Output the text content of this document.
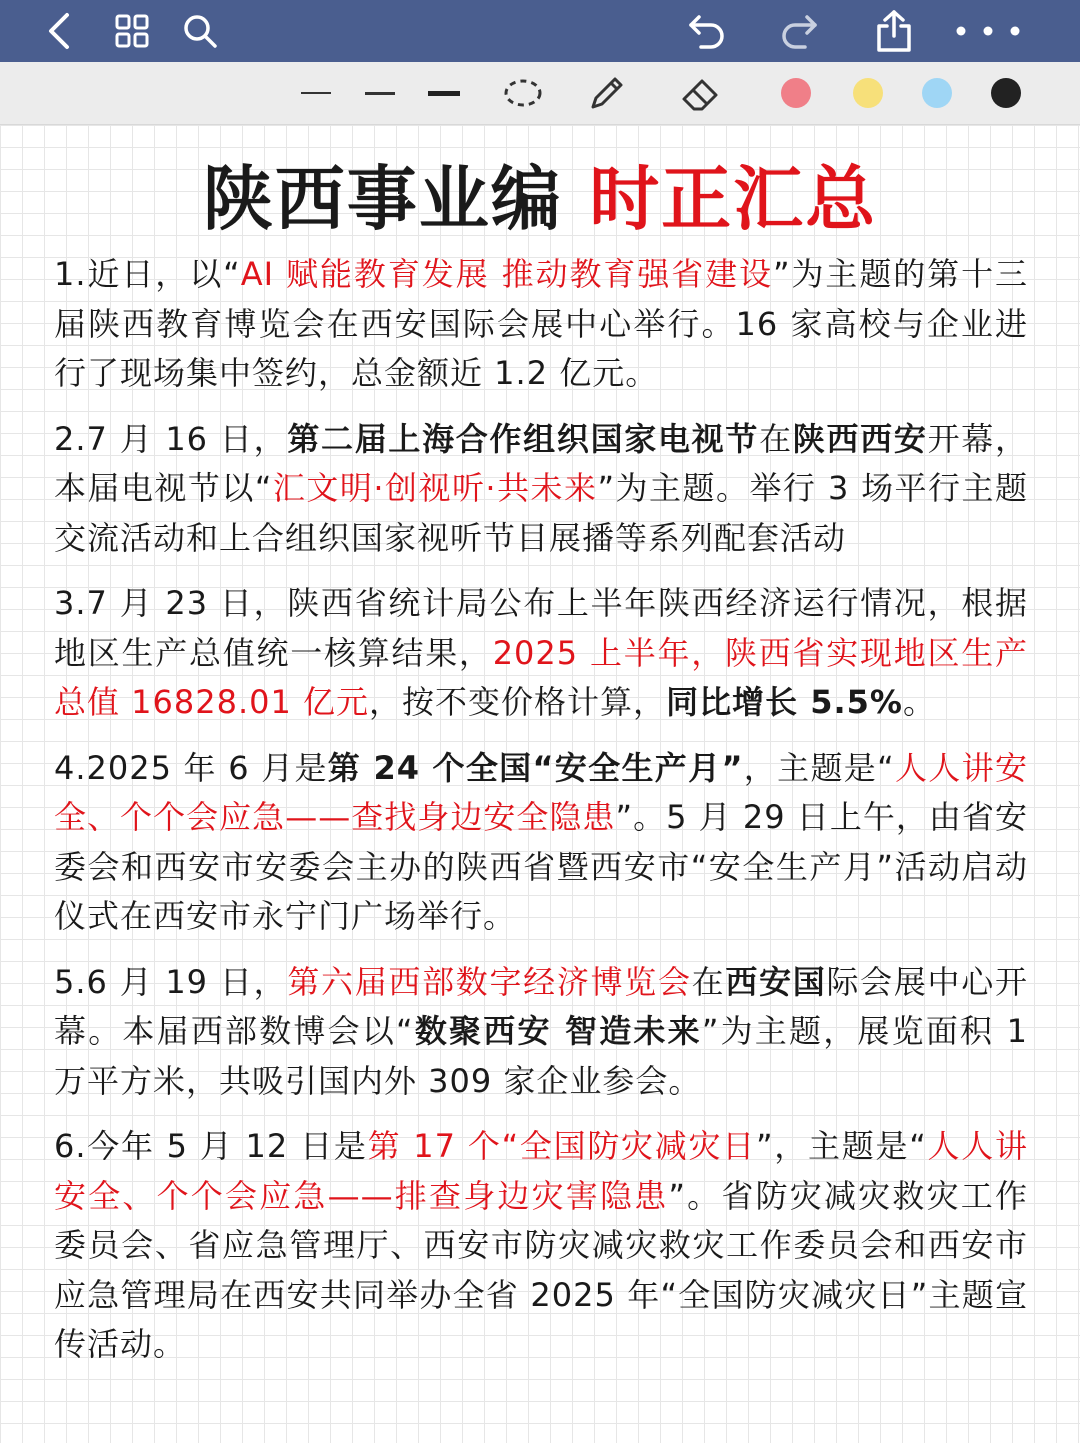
陕西事业编 时正汇总

1.近日，以“AI 赋能教育发展 推动教育强省建设”为主题的第十三届陕西教育博览会在西安国际会展中心举行。16 家高校与企业进行了现场集中签约，总金额近 1.2 亿元。

2.7 月 16 日，第二届上海合作组织国家电视节在陕西西安开幕，本届电视节以“汇文明·创视听·共未来”为主题。举行 3 场平行主题交流活动和上合组织国家视听节目展播等系列配套活动

3.7 月 23 日，陕西省统计局公布上半年陕西经济运行情况，根据地区生产总值统一核算结果，2025 上半年，陕西省实现地区生产总值 16828.01 亿元，按不变价格计算，同比增长 5.5%。

4.2025 年 6 月是第 24 个全国“安全生产月”，主题是“人人讲安全、个个会应急——查找身边安全隐患”。5 月 29 日上午，由省安委会和西安市安委会主办的陕西省暨西安市“安全生产月”活动启动仪式在西安市永宁门广场举行。

5.6 月 19 日，第六届西部数字经济博览会在西安国际会展中心开幕。本届西部数博会以“数聚西安 智造未来”为主题，展览面积 1 万平方米，共吸引国内外 309 家企业参会。

6.今年 5 月 12 日是第 17 个“全国防灾减灾日”，主题是“人人讲安全、个个会应急——排查身边灾害隐患”。省防灾减灾救灾工作委员会、省应急管理厅、西安市防灾减灾救灾工作委员会和西安市应急管理局在西安共同举办全省 2025 年“全国防灾减灾日”主题宣传活动。
